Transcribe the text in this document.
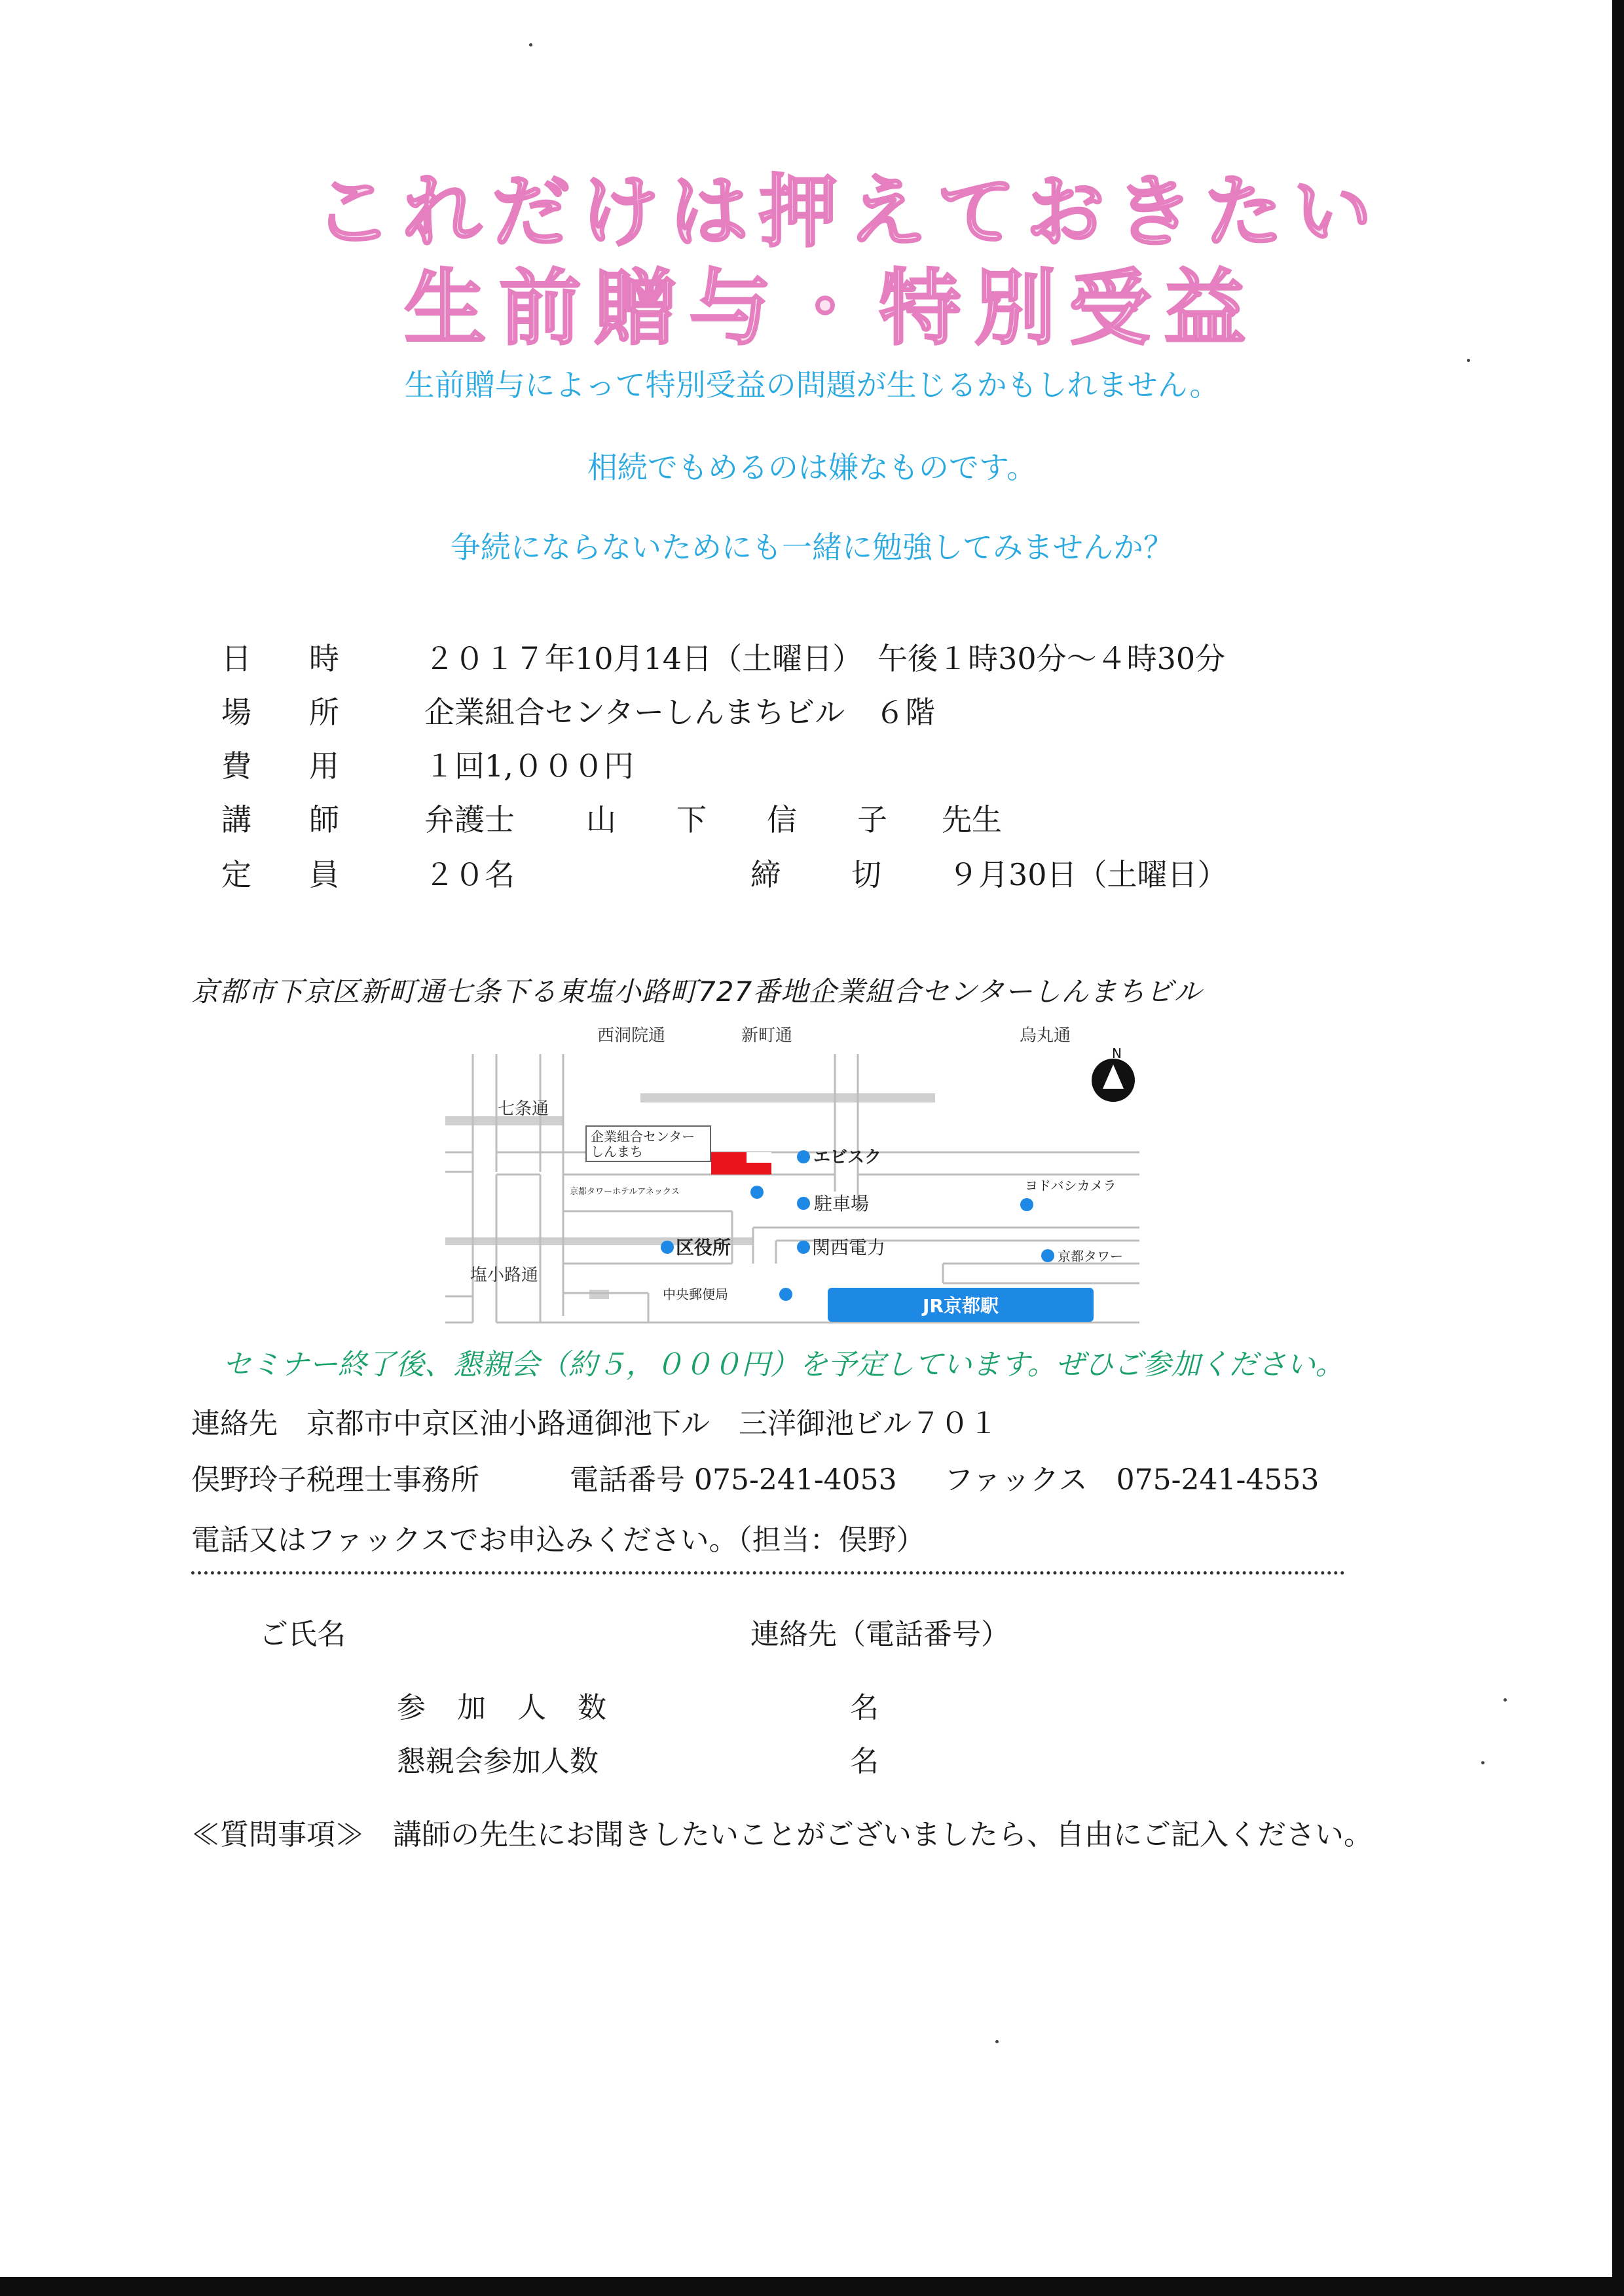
これだけは押えておきたい
生前贈与・特別受益
生前贈与によって特別受益の問題が生じるかもしれません。
相続でもめるのは嫌なものです。
争続にならないためにも一緒に勉強してみませんか？
日 時	２０１７年10月14日（土曜日）　午後１時30分～４時30分
場 所	企業組合センターしんまちビル　６階
費 用	１回1,０００円
講 師	弁護士 山　　下　　信　　子 先生
定 員	２０名	締 切 ９月30日（土曜日）
京都市下京区新町通七条下る東塩小路町727番地企業組合センターしんまちビル
西洞院通	新町通	烏丸通
七条通
塩小路通
N
企業組合センター
しんまち	エビスク
京都タワーホテルアネックス	ヨドバシカメラ
駐車場
区役所	関西電力	京都タワー
中央郵便局
JR京都駅
セミナー終了後、懇親会（約５，０００円）を予定しています。ぜひご参加ください。
連絡先　京都市中京区油小路通御池下ル　三洋御池ビル７０１
俣野玲子税理士事務所	電話番号 075-241-4053 ファックス　075-241-4553
電話又はファックスでお申込みください。（担当：俣野）
ご氏名	連絡先（電話番号）
参 加 人 数	名
懇親会参加人数	名
≪質問事項≫　講師の先生にお聞きしたいことがございましたら、自由にご記入ください。
